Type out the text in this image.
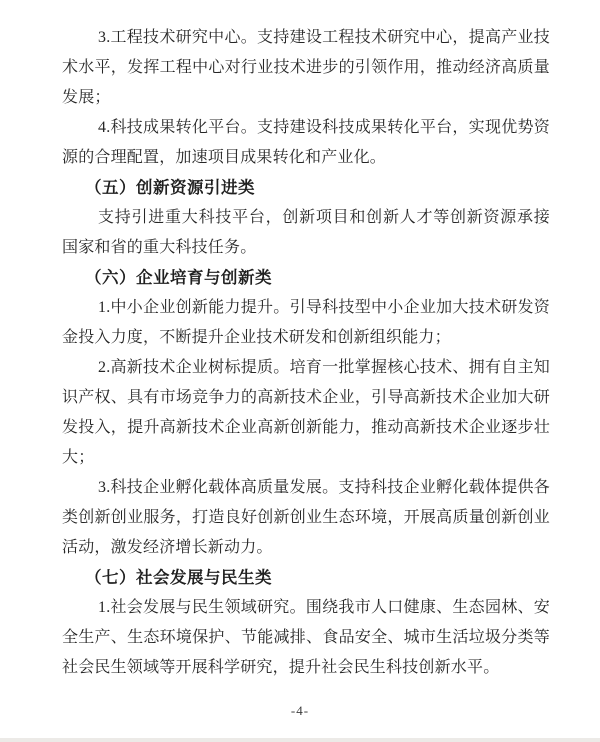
3.工程技术研究中心。支持建设工程技术研究中心，提高产业技术水平，发挥工程中心对行业技术进步的引领作用，推动经济高质量发展；

4.科技成果转化平台。支持建设科技成果转化平台，实现优势资源的合理配置，加速项目成果转化和产业化。

（五）创新资源引进类

支持引进重大科技平台，创新项目和创新人才等创新资源承接国家和省的重大科技任务。

（六）企业培育与创新类

1.中小企业创新能力提升。引导科技型中小企业加大技术研发资金投入力度，不断提升企业技术研发和创新组织能力；

2.高新技术企业树标提质。培育一批掌握核心技术、拥有自主知识产权、具有市场竞争力的高新技术企业，引导高新技术企业加大研发投入，提升高新技术企业高新创新能力，推动高新技术企业逐步壮大；

3.科技企业孵化载体高质量发展。支持科技企业孵化载体提供各类创新创业服务，打造良好创新创业生态环境，开展高质量创新创业活动，激发经济增长新动力。

（七）社会发展与民生类

1.社会发展与民生领域研究。围绕我市人口健康、生态园林、安全生产、生态环境保护、节能减排、食品安全、城市生活垃圾分类等社会民生领域等开展科学研究，提升社会民生科技创新水平。

-4-
